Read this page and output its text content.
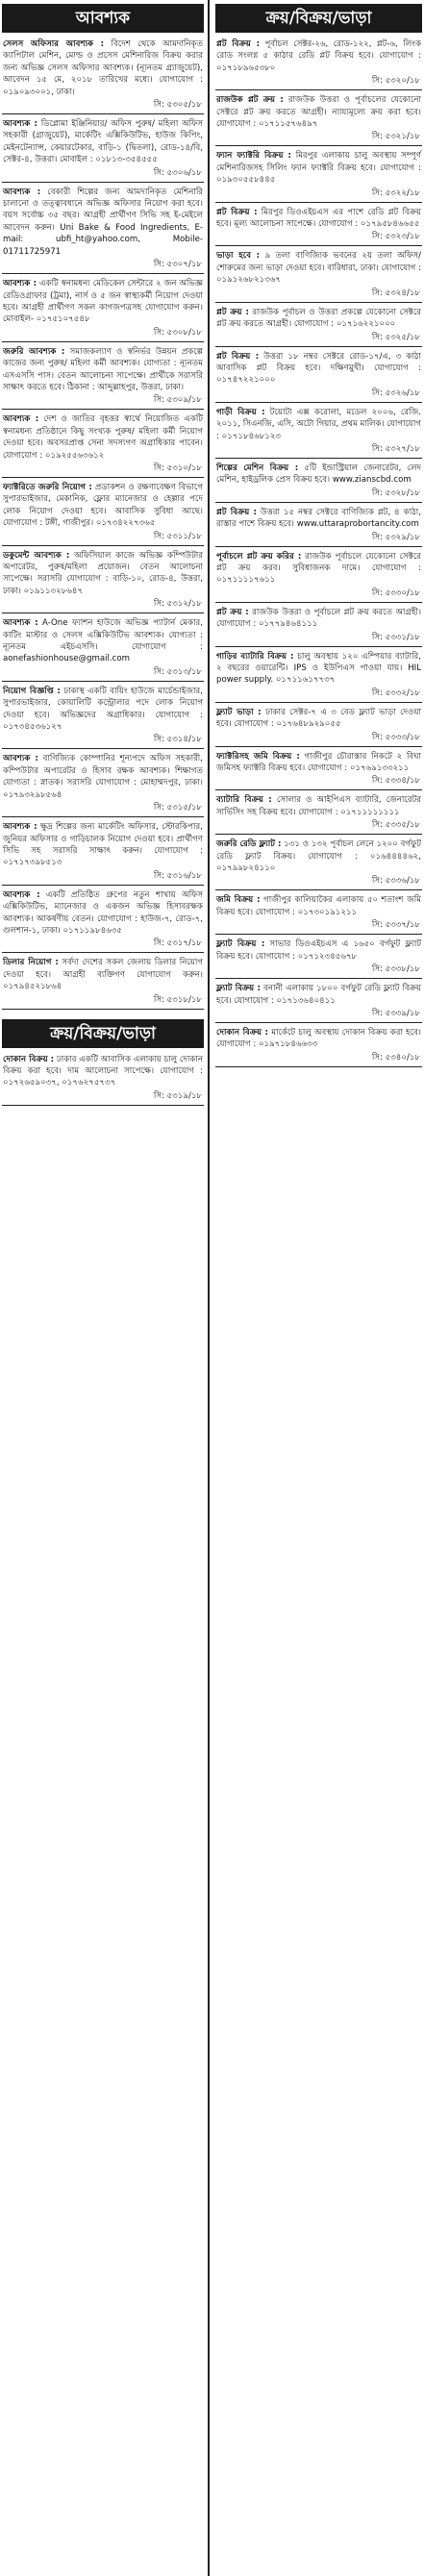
আবশ্যক
সেলস অফিসার আবশ্যক : বিদেশ থেকে আমদানিকৃত ক্যাপিটাল মেশিন, মোল্ড ও প্রসেস মেশিনারিজ বিক্রয় করার জন্য অভিজ্ঞ সেলস অফিসার আবশ্যক। (ন্যূনতম গ্র্যাজুয়েট), আবেদন ১৫ মে, ২০১৮ তারিখের মধ্যে। যোগাযোগ : ০১৯০৯৩০০১, ঢাকা।
সি: ৫৩০৫/১৮
আবশ্যক : ডিপ্লোমা ইঞ্জিনিয়ার/ অফিস পুরুষ/ মহিলা অফিস সহকারী (গ্রাজুয়েট), মার্কেটিং এক্সিকিউটিভ, হাউজ কিপিং, মেইনটেন্যান্স, কেয়ারটেকার, বাড়ি-১ (দ্বিতলা), রোড-১৪/বি, সেক্টর-৪, উত্তরা। মোবাইল : ০১৮১৩-৩৫৪৫৫৫
সি: ৫৩০৬/১৮
আবশ্যক : বেকারী শিল্পের জন্য আমদানিকৃত মেশিনারি চালানো ও তত্ত্বাবধানে অভিজ্ঞ অফিসার নিয়োগ করা হবে। বয়স সর্বোচ্চ ৩৫ বছর। আগ্রহী প্রার্থীগণ সিভি সহ ই-মেইলে আবেদন করুন। Uni Bake & Food Ingredients, E-mail: ubfi_ht@yahoo.com, Mobile- 01711725971
সি: ৫৩০৭/১৮
আবশ্যক : একটি স্বনামধন্য মেডিকেল সেন্টারে ২ জন অভিজ্ঞ রেডিওগ্রাফার (ট্রমা), নার্স ও ৫ জন স্বাস্থ্যকর্মী নিয়োগ দেওয়া হবে। আগ্রহী প্রার্থীগণ সকল কাগজপত্রসহ যোগাযোগ করুন। মোবাইল- ০১৭৫১০৭৫৪৮
সি: ৫৩০৮/১৮
জরুরি আবশ্যক : সমাজকল্যাণ ও স্বনির্ভর উন্নয়ন প্রকল্পে কাজের জন্য পুরুষ/ মহিলা কর্মী আবশ্যক। যোগ্যতা : ন্যূনতম এসএসসি পাস। বেতন আলোচনা সাপেক্ষে। প্রার্থীকে সরাসরি সাক্ষাৎ করতে হবে। ঠিকানা : আব্দুল্লাহপুর, উত্তরা, ঢাকা।
সি: ৫৩০৯/১৮
আবশ্যক : দেশ ও জাতির বৃহত্তর স্বার্থে নিয়োজিত একটি স্বনামধন্য প্রতিষ্ঠানে কিছু সংখ্যক পুরুষ/ মহিলা কর্মী নিয়োগ দেওয়া হবে। অবসরপ্রাপ্ত সেনা সদস্যগণ অগ্রাধিকার পাবেন। যোগাযোগ : ০১৯২৫৫৬৩৬১২
সি: ৫৩১০/১৮
ফ্যাক্টরিতে জরুরি নিয়োগ : প্রডাকশন ও রক্ষণাবেক্ষণ বিভাগে সুপারভাইজার, মেকানিক, ফ্লোর ম্যানেজার ও হেল্পার পদে লোক নিয়োগ দেওয়া হবে। আবাসিক সুবিধা আছে। যোগাযোগ : টঙ্গী, গাজীপুর। ০১৭৩৪২২৭৩৬৫
সি: ৫৩১১/১৮
ডকুমেন্ট আবশ্যক : অফিসিয়াল কাজে অভিজ্ঞ কম্পিউটার অপারেটর, পুরুষ/মহিলা প্রয়োজন। বেতন আলোচনা সাপেক্ষে। সরাসরি যোগাযোগ : বাড়ি-১০, রোড-৪, উত্তরা, ঢাকা। ০১৯১১৩২৮৬৪৭
সি: ৫৩১২/১৮
আবশ্যক : A-One ফ্যাশন হাউজে অভিজ্ঞ প্যাটার্ন মেকার, কাটিং মাস্টার ও সেলস এক্সিকিউটিভ আবশ্যক। যোগ্যতা : ন্যূনতম এইচএসসি। যোগাযোগ : aonefashionhouse@gmail.com
সি: ৫৩১৩/১৮
নিয়োগ বিজ্ঞপ্তি : ঢাকাস্থ একটি বায়িং হাউজে মার্চেন্ডাইজার, সুপারভাইজার, কোয়ালিটি কন্ট্রোলার পদে লোক নিয়োগ দেওয়া হবে। অভিজ্ঞদের অগ্রাধিকার। যোগাযোগ : ০১৭৩৪৫৩৬১২৭
সি: ৫৩১৪/১৮
আবশ্যক : বাণিজ্যিক কোম্পানির শূন্যপদে অফিস সহকারী, কম্পিউটার অপারেটর ও হিসাব রক্ষক আবশ্যক। শিক্ষাগত যোগ্যতা : স্নাতক। সরাসরি যোগাযোগ : মোহাম্মদপুর, ঢাকা। ০১৭৯৩২৯৮৫৬৪
সি: ৫৩১৫/১৮
আবশ্যক : ক্ষুদ্র শিল্পের জন্য মার্কেটিং অফিসার, স্টোরকিপার, জুনিয়র অফিসার ও গাড়িচালক নিয়োগ দেওয়া হবে। প্রার্থীগণ সিভি সহ সরাসরি সাক্ষাৎ করুন। যোগাযোগ : ০১৭১৭৩৯৮৫১৩
সি: ৫৩১৬/১৮
আবশ্যক : একটি প্রতিষ্ঠিত গ্রুপের নতুন শাখায় অফিস এক্সিকিউটিভ, ম্যানেজার ও একজন অভিজ্ঞ হিসাবরক্ষক আবশ্যক। আকর্ষণীয় বেতন। যোগাযোগ : হাউজ-৭, রোড-৭, গুলশান-১, ঢাকা। ০১৭১১৯৮৪৬৩৫
সি: ৫৩১৭/১৮
ডিলার নিয়োগ : সর্বদা দেশের সকল জেলায় ডিলার নিয়োগ দেওয়া হবে। আগ্রহী ব্যক্তিগণ যোগাযোগ করুন। ০১৭৯৪৫২১৮৬৪
সি: ৫৩১৮/১৮
ক্রয়/বিক্রয়/ভাড়া
দোকান বিক্রয় : ঢাকার একটি আবাসিক এলাকায় চালু দোকান বিক্রয় করা হবে। দাম আলোচনা সাপেক্ষে। যোগাযোগ : ০১৭২৬৫৯০৩৭, ০১৭৬২৭৫৭৩৭
সি: ৫৩১৯/১৮
ক্রয়/বিক্রয়/ভাড়া
প্লট বিক্রয় : পূর্বাচল সেক্টর-২৬, রোড-১২২, প্লট-৬, লিংক রোড সংলগ্ন ৫ কাঠার রেডি প্লট বিক্রয় হবে। যোগাযোগ : ০১৭১৮৯৬৫৩৮০
সি: ৫৩২০/১৮
রাজউক প্লট ক্রয় : রাজউক উত্তরা ও পূর্বাচলের যেকোনো সেক্টরে প্লট ক্রয় করতে আগ্রহী। ন্যায্যমূল্যে ক্রয় করা হবে। যোগাযোগ : ০১৭১১৫৭৬৪৯৭
সি: ৫৩২১/১৮
ফ্যান ফ্যাক্টরি বিক্রয় : মিরপুর এলাকায় চালু অবস্থায় সম্পূর্ণ মেশিনারিজসহ সিলিং ফ্যান ফ্যাক্টরি বিক্রয় হবে। যোগাযোগ : ০১৯৩০৫৫৮৪৪৫
সি: ৫৩২২/১৮
প্লট বিক্রয় : মিরপুর ডিওএইচএস এর পাশে রেডি প্লট বিক্রয় হবে। মূল্য আলোচনা সাপেক্ষে। যোগাযোগ : ০১৭৯৫৮৪৬৬৫৫
সি: ৫৩২৩/১৮
ভাড়া হবে : ৯ তলা বাণিজ্যিক ভবনের ২য় তলা অফিস/শোরুমের জন্য ভাড়া দেওয়া হবে। বারিধারা, ঢাকা। যোগাযোগ : ০১৯১২৬৮২১৩৬৭
সি: ৫৩২৪/১৮
প্লট ক্রয় : রাজউক পূর্বাচল ও উত্তরা প্রকল্পে যেকোনো সেক্টরে প্লট ক্রয় করতে আগ্রহী। যোগাযোগ : ০১৭১৬২২১০০০
সি: ৫৩২৫/১৮
প্লট বিক্রয় : উত্তরা ১৮ নম্বর সেক্টরে রোড-১৭/এ, ৩ কাঠা আবাসিক প্লট বিক্রয় হবে। দক্ষিণমুখী। যোগাযোগ : ০১৭৪৭২২১০০০
সি: ৫৩২৬/১৮
গাড়ী বিক্রয় : টয়োটা এক্স করোলা, মডেল ২০০৬, রেজি. ২০১১, সিএনজি, এসি, অটো গিয়ার, প্রথম মালিক। যোগাযোগ : ০১৭১৮৪৬৮১২৩
সি: ৫৩২৭/১৮
শিল্পের মেশিন বিক্রয় : ৫টি ইন্ডাস্ট্রিয়াল জেনারেটর, লেদ মেশিন, হাইড্রলিক প্রেস বিক্রয় হবে। www.zianscbd.com
সি: ৫৩২৮/১৮
প্লট বিক্রয় : উত্তরা ১৫ নম্বর সেক্টরে বাণিজ্যিক প্লট, ৪ কাঠা, রাস্তার পাশে বিক্রয় হবে। www.uttaraprobortancity.com
সি: ৫৩২৯/১৮
পূর্বাচলে প্লট ক্রয় করির : রাজউক পূর্বাচলে যেকোনো সেক্টরে প্লট ক্রয় করব। সুবিধাজনক দামে। যোগাযোগ : ০১৭১১১১৭৬১১
সি: ৫৩৩০/১৮
প্লট ক্রয় : রাজউক উত্তরা ও পূর্বাচলে প্লট ক্রয় করতে আগ্রহী। যোগাযোগ : ০১৭৭৯৪৬৪১১১
সি: ৫৩৩১/১৮
গাড়ির ব্যাটারি বিক্রয় : চালু অবস্থায় ১২০ এম্পিয়ার ব্যাটারি, ২ বছরের ওয়ারেন্টি। IPS ও ইউপিএস পাওয়া যায়। HIL power supply. ০১৭১১৬১৭৭৩৭
সি: ৫৩৩২/১৮
ফ্ল্যাট ভাড়া : ঢাকার সেক্টর-৭ এ ৩ বেড ফ্ল্যাট ভাড়া দেওয়া হবে। যোগাযোগ : ০১৭৬৪৮৯২৯০৫৫
সি: ৫৩৩৩/১৮
ফ্যাক্টরিসহ জমি বিক্রয় : গাজীপুর চৌরাস্তার নিকটে ২ বিঘা জমিসহ ফ্যাক্টরি বিক্রয় হবে। যোগাযোগ : ০১৭৬৯১৩৩২১১
সি: ৫৩৩৪/১৮
ব্যাটারি বিক্রয় : সোলার ও আইপিএস ব্যাটারি, জেনারেটর সার্ভিসিং সহ বিক্রয় হবে। যোগাযোগ : ০১৭১১১১১১১১
সি: ৫৩৩৫/১৮
জরুরি রেডি ফ্ল্যাট : ১৩১ ও ১৩২ পূর্বাচল লেনে ১২০০ বর্গফুট রেডি ফ্ল্যাট বিক্রয়। যোগাযোগ : ০১৬৪৪৪৪৬২, ০১৭৯৯৮২৪১১০
সি: ৫৩৩৬/১৮
জমি বিক্রয় : গাজীপুর কালিয়াকৈর এলাকায় ৫০ শতাংশ জমি বিক্রয় হবে। যোগাযোগ : ০১৭৩০১৯১২১১
সি: ৫৩৩৭/১৮
ফ্ল্যাট বিক্রয় : সাভার ডিওএইচএস এ ১৬৫০ বর্গফুট ফ্ল্যাট বিক্রয় হবে। যোগাযোগ : ০১৭১২৩৪৫৬৭৮
সি: ৫৩৩৮/১৮
ফ্ল্যাট বিক্রয় : বনানী এলাকায় ১৮০০ বর্গফুট রেডি ফ্ল্যাট বিক্রয় হবে। যোগাযোগ : ০১৭১৩৬৪০৪১১
সি: ৫৩৩৯/১৮
দোকান বিক্রয় : মার্কেটে চালু অবস্থায় দোকান বিক্রয় করা হবে। যোগাযোগ : ০১৯৭১৮৪৬৬৩৩
সি: ৫৩৪০/১৮
